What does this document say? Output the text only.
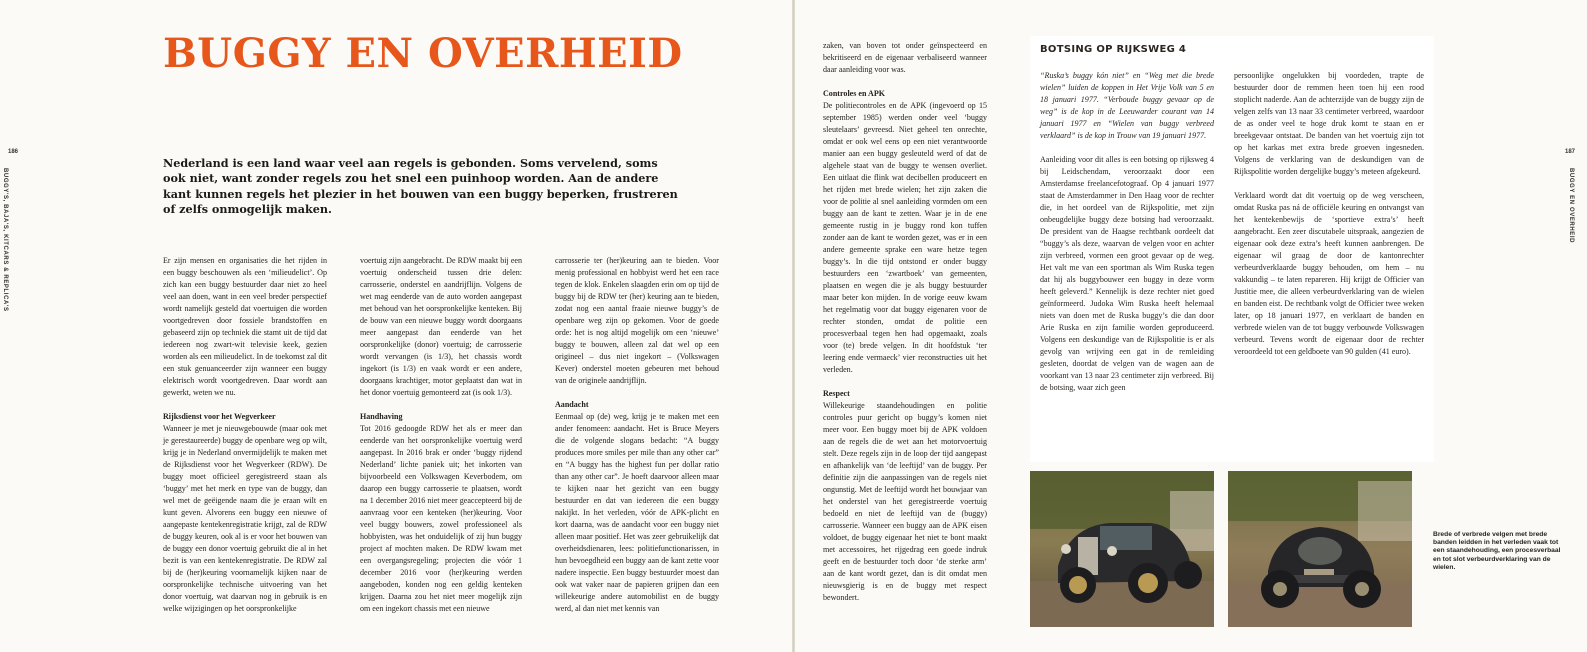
186	187
BUGGY'S, BAJA'S, KITCARS & REPLICA'S	BUGGY EN OVERHEID
BUGGY EN OVERHEID

Nederland is een land waar veel aan regels is gebonden. Soms vervelend, soms ook niet, want zonder regels zou het snel een puinhoop worden. Aan de andere kant kunnen regels het plezier in het bouwen van een buggy beperken, frustreren of zelfs onmogelijk maken.

Er zijn mensen en organisaties die het rijden in een buggy beschouwen als een ‘milieudelict’. Op zich kan een buggy bestuurder daar niet zo heel veel aan doen, want in een veel breder perspectief wordt namelijk gesteld dat voertuigen die worden voortgedreven door fossiele brandstoffen en gebaseerd zijn op techniek die stamt uit de tijd dat iedereen nog zwart-wit televisie keek, gezien worden als een milieudelict. In de toekomst zal dit een stuk genuanceerder zijn wanneer een buggy elektrisch wordt voortgedreven. Daar wordt aan gewerkt, weten we nu.

Rijksdienst voor het Wegverkeer

Wanneer je met je nieuwgebouwde (maar ook met je gerestaureerde) buggy de openbare weg op wilt, krijg je in Nederland onvermijdelijk te maken met de Rijksdienst voor het Wegverkeer (RDW). De buggy moet officieel geregistreerd staan als ‘buggy’ met het merk en type van de buggy, dan wel met de geëigende naam die je eraan wilt en kunt geven. Alvorens een buggy een nieuwe of aangepaste kentekenregistratie krijgt, zal de RDW de buggy keuren, ook al is er voor het bouwen van de buggy een donor voertuig gebruikt die al in het bezit is van een kentekenregistratie. De RDW zal bij de (her)keuring voornamelijk kijken naar de oorspronkelijke technische uitvoering van het donor voertuig, wat daarvan nog in gebruik is en welke wijzigingen op het oorspronkelijke

voertuig zijn aangebracht. De RDW maakt bij een voertuig onderscheid tussen drie delen: carrosserie, onderstel en aandrijflijn. Volgens de wet mag eenderde van de auto worden aangepast met behoud van het oorspronkelijke kenteken. Bij de bouw van een nieuwe buggy wordt doorgaans meer aangepast dan eenderde van het oorspronkelijke (donor) voertuig; de carrosserie wordt vervangen (is 1/3), het chassis wordt ingekort (is 1/3) en vaak wordt er een andere, doorgaans krachtiger, motor geplaatst dan wat in het donor voertuig gemonteerd zat (is ook 1/3).

Handhaving

Tot 2016 gedoogde RDW het als er meer dan eenderde van het oorspronkelijke voertuig werd aangepast. In 2016 brak er onder ‘buggy rijdend Nederland’ lichte paniek uit; het inkorten van bijvoorbeeld een Volkswagen Keverbodem, om daarop een buggy carrosserie te plaatsen, wordt na 1 december 2016 niet meer geaccepteerd bij de aanvraag voor een kenteken (her)keuring. Voor veel buggy bouwers, zowel professioneel als hobbyisten, was het onduidelijk of zij hun buggy project af mochten maken. De RDW kwam met een overgangsregeling; projecten die vóór 1 december 2016 voor (her)keuring werden aangeboden, konden nog een geldig kenteken krijgen. Daarna zou het niet meer mogelijk zijn om een ingekort chassis met een nieuwe

carrosserie ter (her)keuring aan te bieden. Voor menig professional en hobbyist werd het een race tegen de klok. Enkelen slaagden erin om op tijd de buggy bij de RDW ter (her) keuring aan te bieden, zodat nog een aantal fraaie nieuwe buggy’s de openbare weg zijn op gekomen. Voor de goede orde: het is nog altijd mogelijk om een ‘nieuwe’ buggy te bouwen, alleen zal dat wel op een origineel – dus niet ingekort – (Volkswagen Kever) onderstel moeten gebeuren met behoud van de originele aandrijflijn.

Aandacht

Eenmaal op (de) weg, krijg je te maken met een ander fenomeen: aandacht. Het is Bruce Meyers die de volgende slogans bedacht: “A buggy produces more smiles per mile than any other car” en “A buggy has the highest fun per dollar ratio than any other car”. Je hoeft daarvoor alleen maar te kijken naar het gezicht van een buggy bestuurder en dat van iedereen die een buggy nakijkt. In het verleden, vóór de APK-plicht en kort daarna, was de aandacht voor een buggy niet alleen maar positief. Het was zeer gebruikelijk dat overheidsdienaren, lees: politiefunctionarissen, in hun bevoegdheid een buggy aan de kant zette voor nadere inspectie. Een buggy bestuurder moest dan ook wat vaker naar de papieren grijpen dan een willekeurige andere automobilist en de buggy werd, al dan niet met kennis van

zaken, van boven tot onder geïnspecteerd en bekritiseerd en de eigenaar verbaliseerd wanneer daar aanleiding voor was.

Controles en APK

De politiecontroles en de APK (ingevoerd op 15 september 1985) werden onder veel ‘buggy sleutelaars’ gevreesd. Niet geheel ten onrechte, omdat er ook wel eens op een niet verantwoorde manier aan een buggy gesleuteld werd of dat de algehele staat van de buggy te wensen overliet. Een uitlaat die flink wat decibellen produceert en het rijden met brede wielen; het zijn zaken die voor de politie al snel aanleiding vormden om een buggy aan de kant te zetten. Waar je in de ene gemeente rustig in je buggy rond kon tuffen zonder aan de kant te worden gezet, was er in een andere gemeente sprake een ware hetze tegen buggy’s. In die tijd ontstond er onder buggy bestuurders een ‘zwartboek’ van gemeenten, plaatsen en wegen die je als buggy bestuurder maar beter kon mijden. In de vorige eeuw kwam het regelmatig voor dat buggy eigenaren voor de rechter stonden, omdat de politie een procesverbaal tegen hen had opgemaakt, zoals voor (te) brede velgen. In dit hoofdstuk ‘ter leering ende vermaeck’ vier reconstructies uit het verleden.

Respect

Willekeurige staandehoudingen en politie controles puur gericht op buggy’s komen niet meer voor. Een buggy moet bij de APK voldoen aan de regels die de wet aan het motorvoertuig stelt. Deze regels zijn in de loop der tijd aangepast en afhankelijk van ‘de leeftijd’ van de buggy. Per definitie zijn die aanpassingen van de regels niet ongunstig. Met de leeftijd wordt het bouwjaar van het onderstel van het geregistreerde voertuig bedoeld en niet de leeftijd van de (buggy) carrosserie. Wanneer een buggy aan de APK eisen voldoet, de buggy eigenaar het niet te bont maakt met accessoires, het rijgedrag een goede indruk geeft en de bestuurder toch door ‘de sterke arm’ aan de kant wordt gezet, dan is dit omdat men nieuwsgierig is en de buggy met respect bewondert.

BOTSING OP RIJKSWEG 4

“Ruska’s buggy kón niet” en “Weg met die brede wielen” luiden de koppen in Het Vrije Volk van 5 en 18 januari 1977. “Verboude buggy gevaar op de weg” is de kop in de Leeuwarder courant van 14 januari 1977 en “Wielen van buggy verbreed verklaard” is de kop in Trouw van 19 januari 1977.

Aanleiding voor dit alles is een botsing op rijksweg 4 bij Leidschendam, veroorzaakt door een Amsterdamse freelancefotograaf. Op 4 januari 1977 staat de Amsterdammer in Den Haag voor de rechter die, in het oordeel van de Rijkspolitie, met zijn onbeugdelijke buggy deze botsing had veroorzaakt. De president van de Haagse rechtbank oordeelt dat “buggy’s als deze, waarvan de velgen voor en achter zijn verbreed, vormen een groot gevaar op de weg. Het valt me van een sportman als Wim Ruska tegen dat hij als buggybouwer een buggy in deze vorm heeft geleverd.” Kennelijk is deze rechter niet goed geïnformeerd. Judoka Wim Ruska heeft helemaal niets van doen met de Ruska buggy’s die dan door Arie Ruska en zijn familie worden geproduceerd. Volgens een deskundige van de Rijkspolitie is er als gevolg van wrijving een gat in de remleiding gesleten, doordat de velgen van de wagen aan de voorkant van 13 naar 23 centimeter zijn verbreed. Bij de botsing, waar zich geen

persoonlijke ongelukken bij voordeden, trapte de bestuurder door de remmen heen toen hij een rood stoplicht naderde. Aan de achterzijde van de buggy zijn de velgen zelfs van 13 naar 33 centimeter verbreed, waardoor de as onder veel te hoge druk komt te staan en er breekgevaar ontstaat. De banden van het voertuig zijn tot op het karkas met extra brede groeven ingesneden. Volgens de verklaring van de deskundigen van de Rijkspolitie worden dergelijke buggy’s meteen afgekeurd.

Verklaard wordt dat dit voertuig op de weg verscheen, omdat Ruska pas ná de officiële keuring en ontvangst van het kentekenbewijs de ‘sportieve extra’s’ heeft aangebracht. Een zeer discutabele uitspraak, aangezien de eigenaar ook deze extra’s heeft kunnen aanbrengen. De eigenaar wil graag de door de kantonrechter verbeurdverklaarde buggy behouden, om hem – nu vakkundig – te laten repareren. Hij krijgt de Officier van Justitie mee, die alleen verbeurdverklaring van de wielen en banden eist. De rechtbank volgt de Officier twee weken later, op 18 januari 1977, en verklaart de banden en verbrede wielen van de tot buggy verbouwde Volkswagen verbeurd. Tevens wordt de eigenaar door de rechter veroordeeld tot een geldboete van 90 gulden (41 euro).

Brede of verbrede velgen met brede banden leidden in het verleden vaak tot een staandehouding, een procesverbaal en tot slot verbeurdverklaring van de wielen.
